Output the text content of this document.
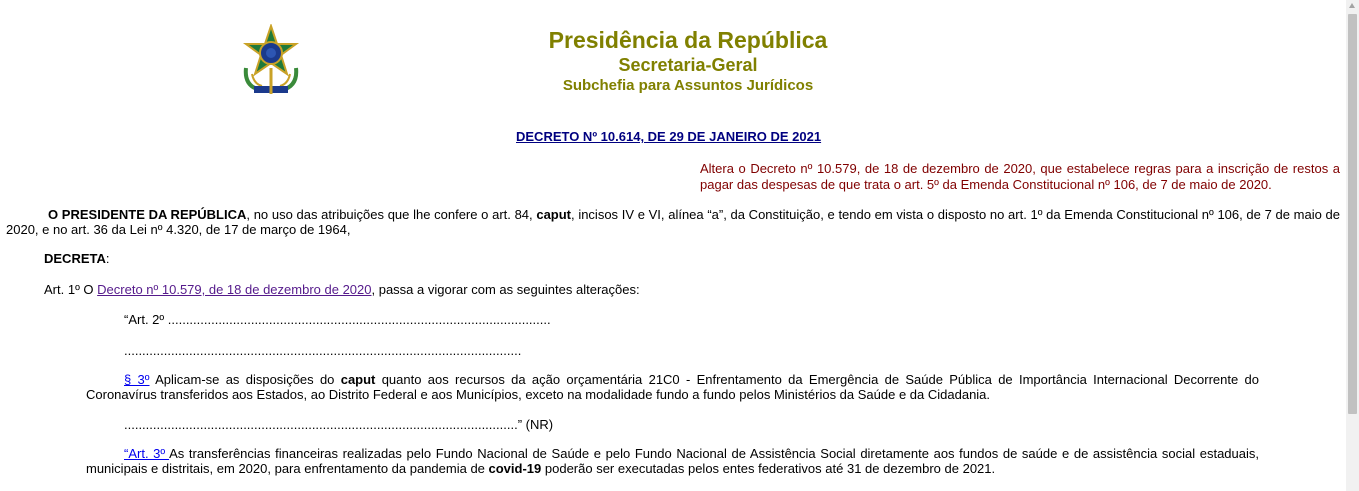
Presidência da República
Secretaria-Geral
Subchefia para Assuntos Jurídicos
DECRETO Nº 10.614, DE 29 DE JANEIRO DE 2021
Altera o Decreto nº 10.579, de 18 de dezembro de 2020, que estabelece regras para a inscrição de restos a pagar das despesas de que trata o art. 5º da Emenda Constitucional nº 106, de 7 de maio de 2020.
O PRESIDENTE DA REPÚBLICA, no uso das atribuições que lhe confere o art. 84, caput, incisos IV e VI, alínea “a”, da Constituição, e tendo em vista o disposto no art. 1º da Emenda Constitucional nº 106, de 7 de maio de 2020, e no art. 36 da Lei nº 4.320, de 17 de março de 1964,
DECRETA:
Art. 1º O Decreto nº 10.579, de 18 de dezembro de 2020, passa a vigorar com as seguintes alterações:
“Art. 2º ..........................................................................................................
..............................................................................................................
§ 3º Aplicam-se as disposições do caput quanto aos recursos da ação orçamentária 21C0 - Enfrentamento da Emergência de Saúde Pública de Importância Internacional Decorrente do Coronavírus transferidos aos Estados, ao Distrito Federal e aos Municípios, exceto na modalidade fundo a fundo pelos Ministérios da Saúde e da Cidadania.
.............................................................................................................” (NR)
“Art. 3º As transferências financeiras realizadas pelo Fundo Nacional de Saúde e pelo Fundo Nacional de Assistência Social diretamente aos fundos de saúde e de assistência social estaduais, municipais e distritais, em 2020, para enfrentamento da pandemia de covid-19 poderão ser executadas pelos entes federativos até 31 de dezembro de 2021.
